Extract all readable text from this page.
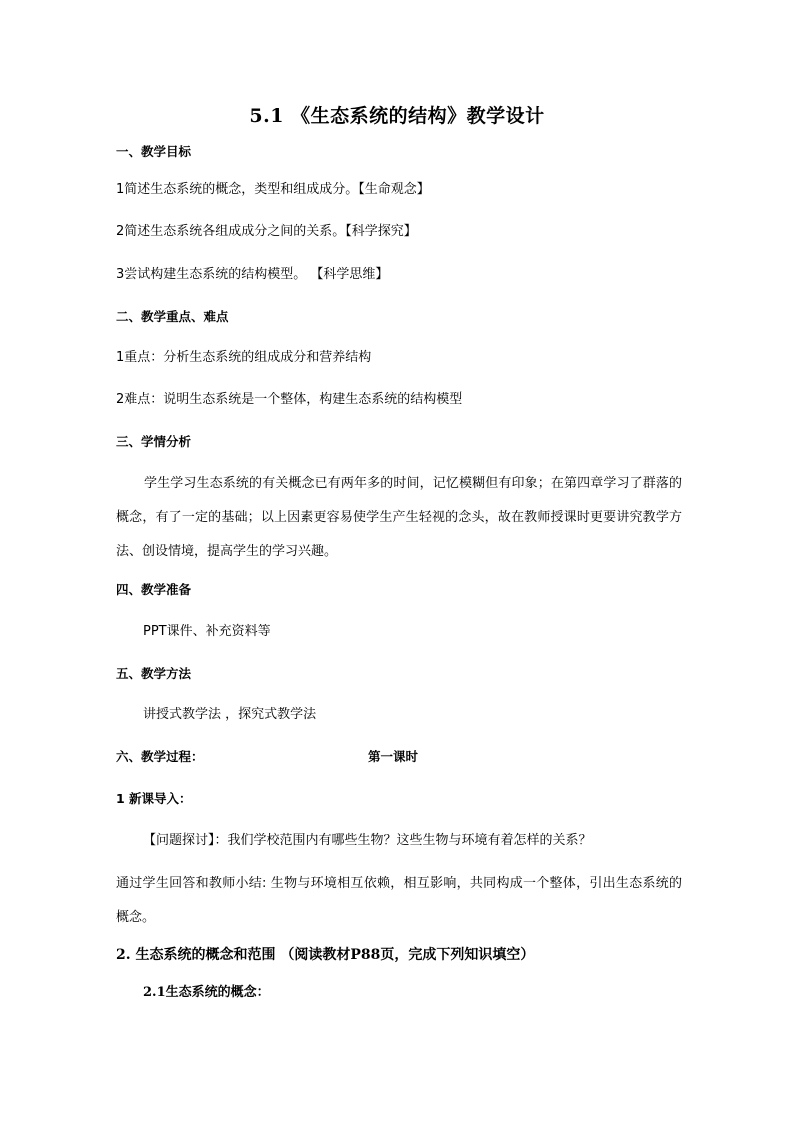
5.1 《生态系统的结构》教学设计
一、教学目标
1简述生态系统的概念，类型和组成成分。【生命观念】
2简述生态系统各组成成分之间的关系。【科学探究】
3尝试构建生态系统的结构模型。 【科学思维】
二、教学重点、难点
1重点：分析生态系统的组成成分和营养结构
2难点：说明生态系统是一个整体，构建生态系统的结构模型
三、学情分析
学生学习生态系统的有关概念已有两年多的时间，记忆模糊但有印象；在第四章学习了群落的概念，有了一定的基础；以上因素更容易使学生产生轻视的念头，故在教师授课时更要讲究教学方法、创设情境，提高学生的学习兴趣。
四、教学准备
PPT课件、补充资料等
五、教学方法
讲授式教学法 ，探究式教学法
六、教学过程：	第一课时
1 新课导入：
【问题探讨】：我们学校范围内有哪些生物？这些生物与环境有着怎样的关系？
通过学生回答和教师小结: 生物与环境相互依赖，相互影响，共同构成一个整体，引出生态系统的概念。
2. 生态系统的概念和范围 （阅读教材P88页，完成下列知识填空）
2.1生态系统的概念：
